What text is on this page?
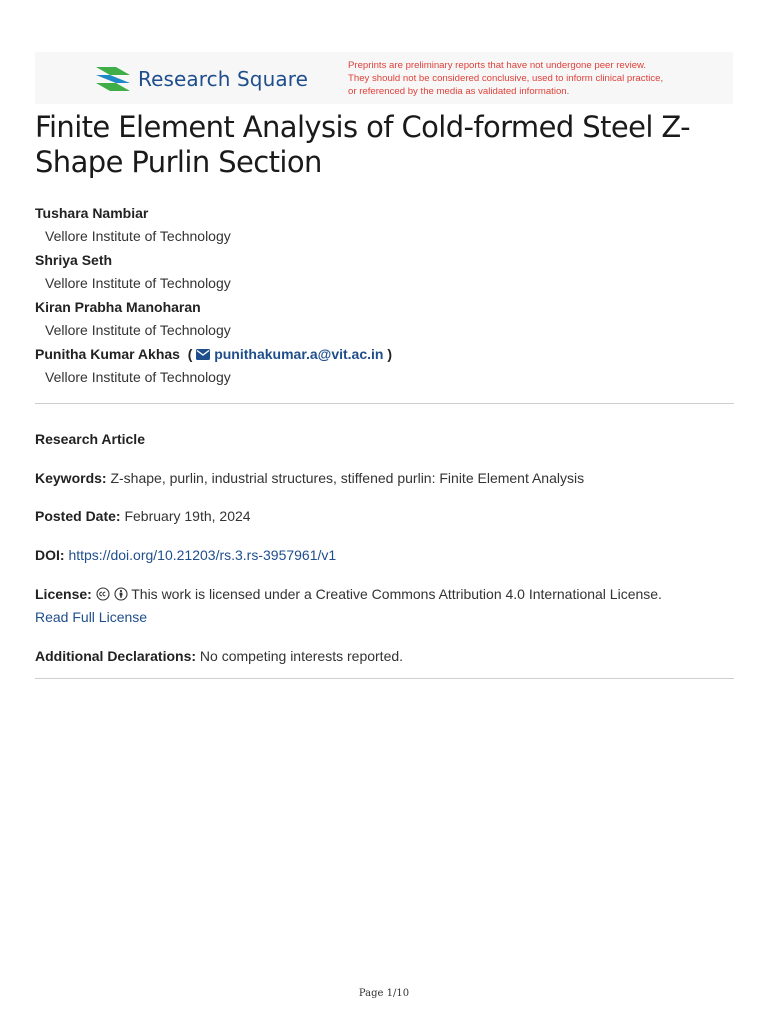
Research Square
Preprints are preliminary reports that have not undergone peer review.
They should not be considered conclusive, used to inform clinical practice,
or referenced by the media as validated information.
Finite Element Analysis of Cold-formed Steel Z-
Shape Purlin Section
Tushara Nambiar
Vellore Institute of Technology
Shriya Seth
Vellore Institute of Technology
Kiran Prabha Manoharan
Vellore Institute of Technology
Punitha Kumar Akhas  (  punithakumar.a@vit.ac.in )
Vellore Institute of Technology
Research Article
Keywords: Z-shape, purlin, industrial structures, stiffened purlin: Finite Element Analysis
Posted Date: February 19th, 2024
DOI: https://doi.org/10.21203/rs.3.rs-3957961/v1
License:	This work is licensed under a Creative Commons Attribution 4.0 International License.
Read Full License
Additional Declarations: No competing interests reported.
Page 1/10
